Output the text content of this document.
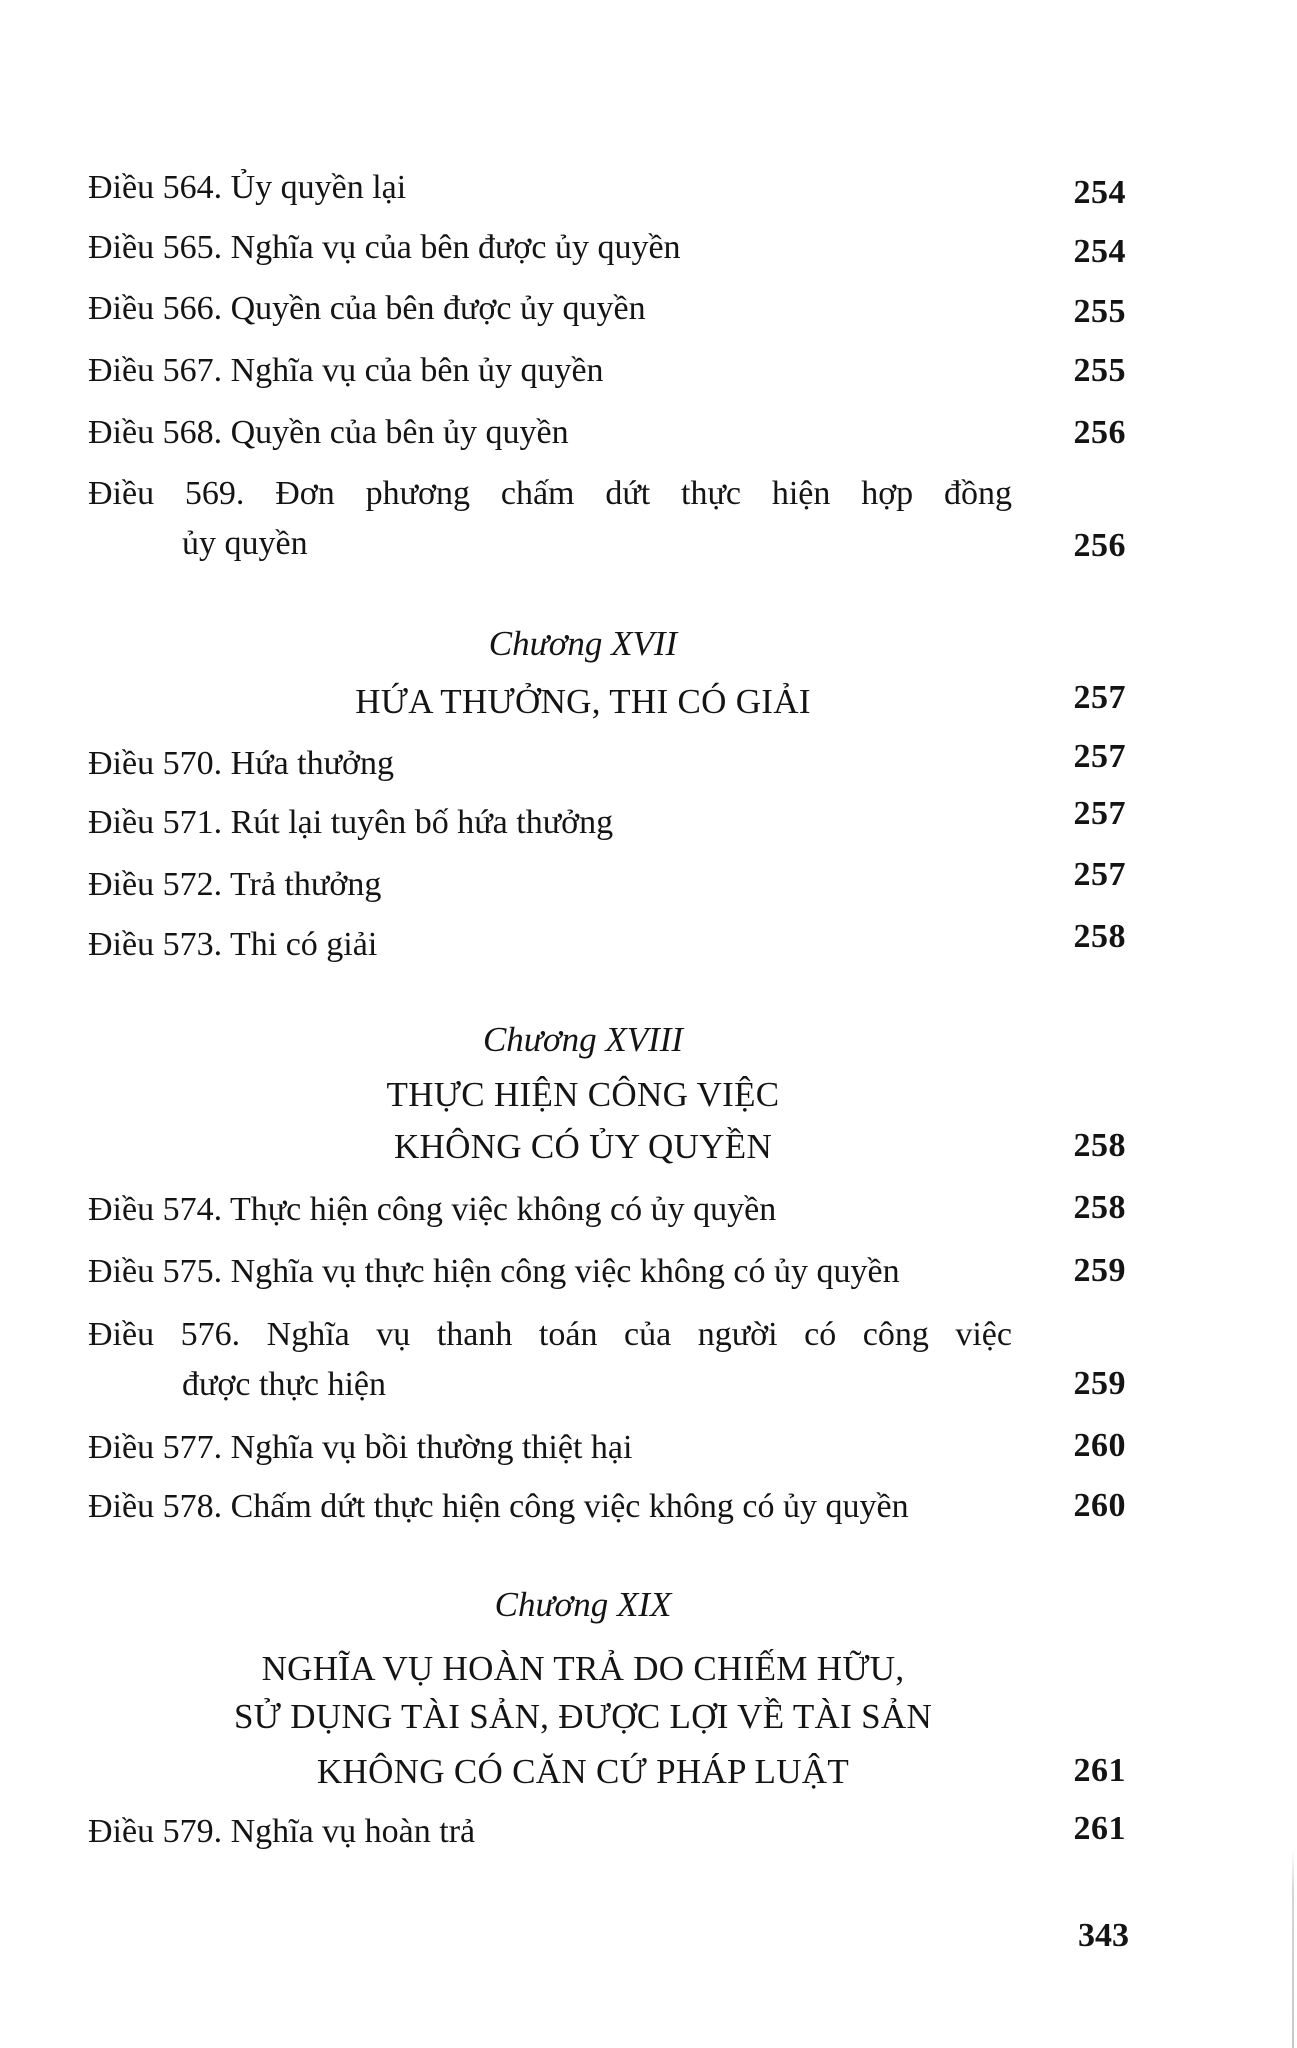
Điều 564. Ủy quyền lại	254
Điều 565. Nghĩa vụ của bên được ủy quyền	254
Điều 566. Quyền của bên được ủy quyền	255
Điều 567. Nghĩa vụ của bên ủy quyền	255
Điều 568. Quyền của bên ủy quyền	256
Điều 569. Đơn phương chấm dứt thực hiện hợp đồng
ủy quyền	256
Chương XVII
HỨA THƯỞNG, THI CÓ GIẢI	257
Điều 570. Hứa thưởng	257
Điều 571. Rút lại tuyên bố hứa thưởng	257
Điều 572. Trả thưởng	257
Điều 573. Thi có giải	258
Chương XVIII
THỰC HIỆN CÔNG VIỆC
KHÔNG CÓ ỦY QUYỀN	258
Điều 574. Thực hiện công việc không có ủy quyền	258
Điều 575. Nghĩa vụ thực hiện công việc không có ủy quyền	259
Điều 576. Nghĩa vụ thanh toán của người có công việc
được thực hiện	259
Điều 577. Nghĩa vụ bồi thường thiệt hại	260
Điều 578. Chấm dứt thực hiện công việc không có ủy quyền	260
Chương XIX
NGHĨA VỤ HOÀN TRẢ DO CHIẾM HỮU,
SỬ DỤNG TÀI SẢN, ĐƯỢC LỢI VỀ TÀI SẢN
KHÔNG CÓ CĂN CỨ PHÁP LUẬT	261
Điều 579. Nghĩa vụ hoàn trả	261
343
